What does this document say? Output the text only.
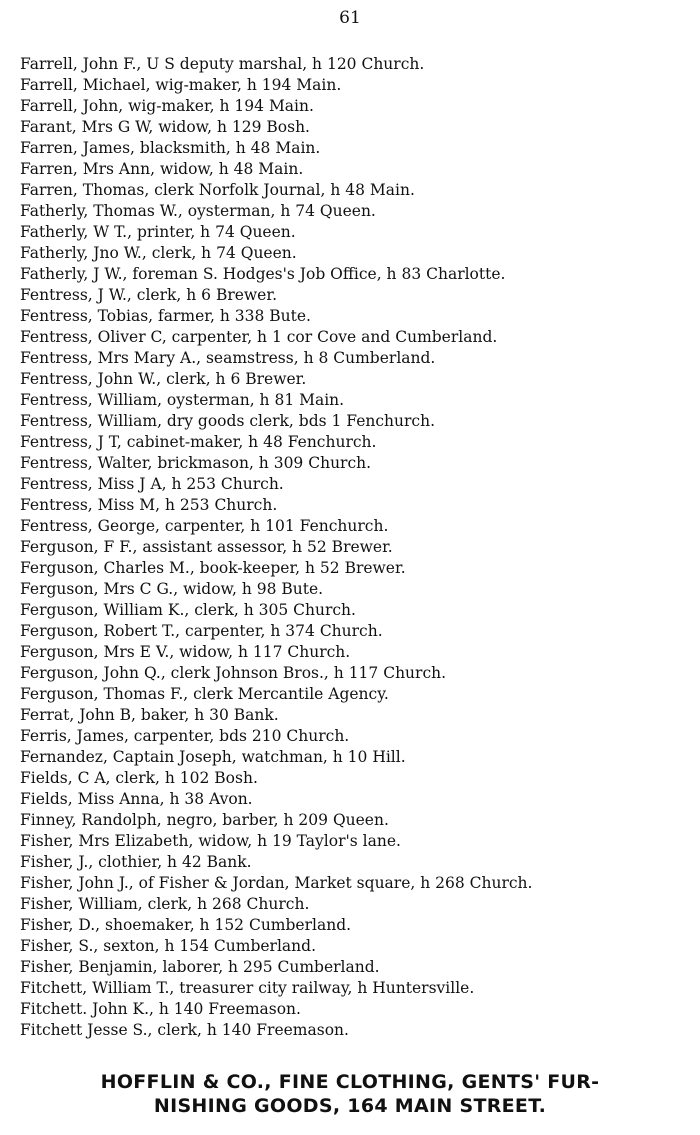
61
Farrell, John F., U S deputy marshal, h 120 Church.
Farrell, Michael, wig-maker, h 194 Main.
Farrell, John, wig-maker, h 194 Main.
Farant, Mrs G W, widow, h 129 Bosh.
Farren, James, blacksmith, h 48 Main.
Farren, Mrs Ann, widow, h 48 Main.
Farren, Thomas, clerk Norfolk Journal, h 48 Main.
Fatherly, Thomas W., oysterman, h 74 Queen.
Fatherly, W T., printer, h 74 Queen.
Fatherly, Jno W., clerk, h 74 Queen.
Fatherly, J W., foreman S. Hodges's Job Office, h 83 Charlotte.
Fentress, J W., clerk, h 6 Brewer.
Fentress, Tobias, farmer, h 338 Bute.
Fentress, Oliver C, carpenter, h 1 cor Cove and Cumberland.
Fentress, Mrs Mary A., seamstress, h 8 Cumberland.
Fentress, John W., clerk, h 6 Brewer.
Fentress, William, oysterman, h 81 Main.
Fentress, William, dry goods clerk, bds 1 Fenchurch.
Fentress, J T, cabinet-maker, h 48 Fenchurch.
Fentress, Walter, brickmason, h 309 Church.
Fentress, Miss J A, h 253 Church.
Fentress, Miss M, h 253 Church.
Fentress, George, carpenter, h 101 Fenchurch.
Ferguson, F F., assistant assessor, h 52 Brewer.
Ferguson, Charles M., book-keeper, h 52 Brewer.
Ferguson, Mrs C G., widow, h 98 Bute.
Ferguson, William K., clerk, h 305 Church.
Ferguson, Robert T., carpenter, h 374 Church.
Ferguson, Mrs E V., widow, h 117 Church.
Ferguson, John Q., clerk Johnson Bros., h 117 Church.
Ferguson, Thomas F., clerk Mercantile Agency.
Ferrat, John B, baker, h 30 Bank.
Ferris, James, carpenter, bds 210 Church.
Fernandez, Captain Joseph, watchman, h 10 Hill.
Fields, C A, clerk, h 102 Bosh.
Fields, Miss Anna, h 38 Avon.
Finney, Randolph, negro, barber, h 209 Queen.
Fisher, Mrs Elizabeth, widow, h 19 Taylor's lane.
Fisher, J., clothier, h 42 Bank.
Fisher, John J., of Fisher & Jordan, Market square, h 268 Church.
Fisher, William, clerk, h 268 Church.
Fisher, D., shoemaker, h 152 Cumberland.
Fisher, S., sexton, h 154 Cumberland.
Fisher, Benjamin, laborer, h 295 Cumberland.
Fitchett, William T., treasurer city railway, h Huntersville.
Fitchett. John K., h 140 Freemason.
Fitchett Jesse S., clerk, h 140 Freemason.
HOFFLIN & CO., FINE CLOTHING, GENTS' FUR-
NISHING GOODS, 164 MAIN STREET.
